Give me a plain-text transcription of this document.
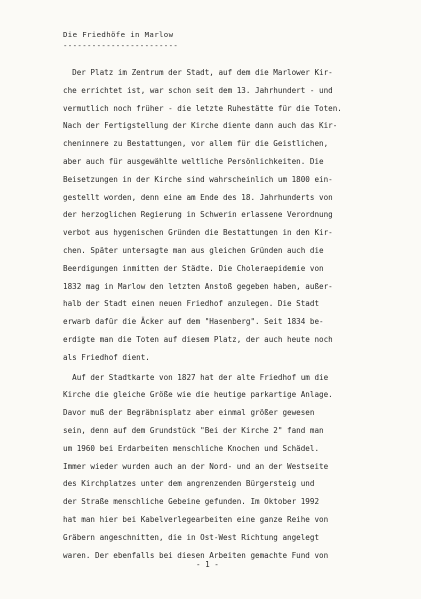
Die Friedhöfe in Marlow
------------------------
Der Platz im Zentrum der Stadt, auf dem die Marlower Kir-
che errichtet ist, war schon seit dem 13. Jahrhundert - und
vermutlich noch früher - die letzte Ruhestätte für die Toten.
Nach der Fertigstellung der Kirche diente dann auch das Kir-
cheninnere zu Bestattungen, vor allem für die Geistlichen,
aber auch für ausgewählte weltliche Persönlichkeiten. Die
Beisetzungen in der Kirche sind wahrscheinlich um 1800 ein-
gestellt worden, denn eine am Ende des 18. Jahrhunderts von
der herzoglichen Regierung in Schwerin erlassene Verordnung
verbot aus hygenischen Gründen die Bestattungen in den Kir-
chen. Später untersagte man aus gleichen Gründen auch die
Beerdigungen inmitten der Städte. Die Choleraepidemie von
1832 mag in Marlow den letzten Anstoß gegeben haben, außer-
halb der Stadt einen neuen Friedhof anzulegen. Die Stadt
erwarb dafür die Äcker auf dem "Hasenberg". Seit 1834 be-
erdigte man die Toten auf diesem Platz, der auch heute noch
als Friedhof dient.
Auf der Stadtkarte von 1827 hat der alte Friedhof um die
Kirche die gleiche Größe wie die heutige parkartige Anlage.
Davor muß der Begräbnisplatz aber einmal größer gewesen
sein, denn auf dem Grundstück "Bei der Kirche 2" fand man
um 1960 bei Erdarbeiten menschliche Knochen und Schädel.
Immer wieder wurden auch an der Nord- und an der Westseite
des Kirchplatzes unter dem angrenzenden Bürgersteig und
der Straße menschliche Gebeine gefunden. Im Oktober 1992
hat man hier bei Kabelverlegearbeiten eine ganze Reihe von
Gräbern angeschnitten, die in Ost-West Richtung angelegt
waren. Der ebenfalls bei diesen Arbeiten gemachte Fund von
- 1 -
